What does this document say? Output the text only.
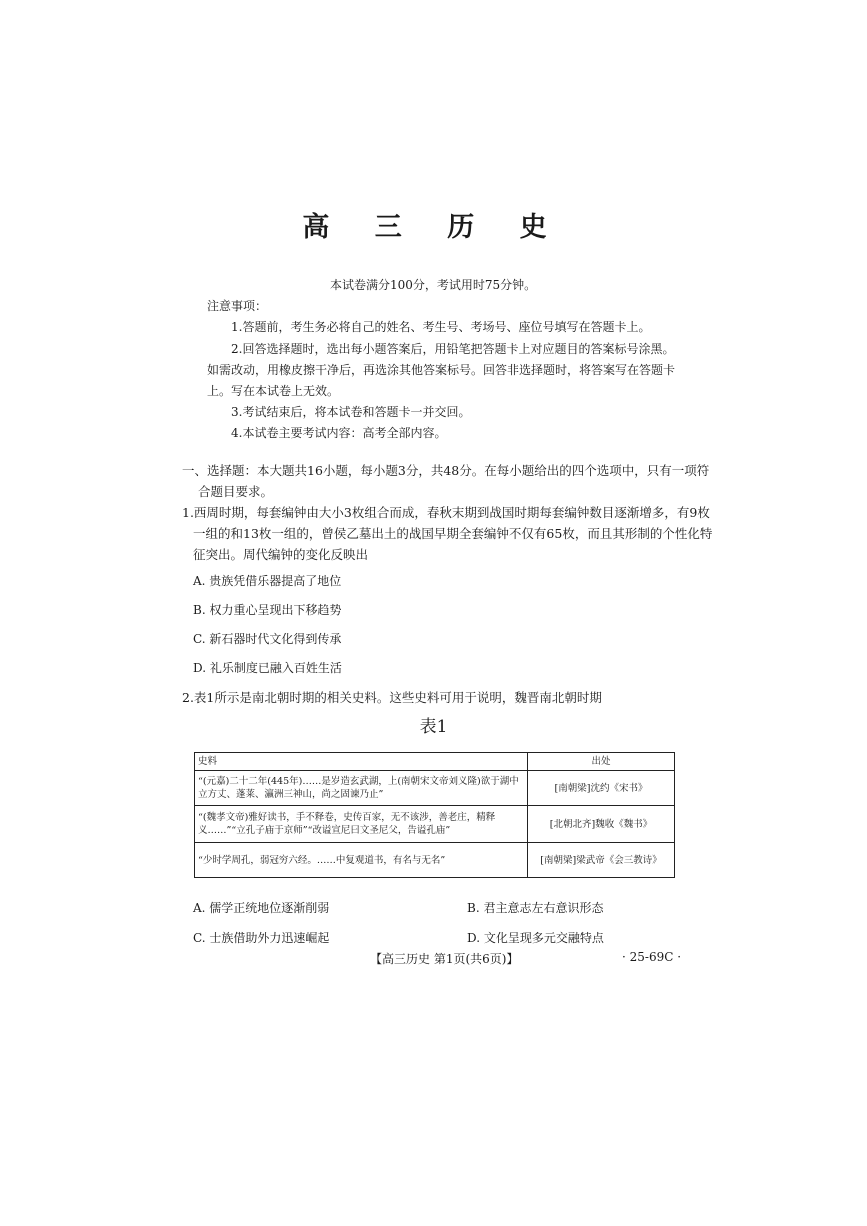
高 三 历 史
本试卷满分100分，考试用时75分钟。
注意事项：
1.答题前，考生务必将自己的姓名、考生号、考场号、座位号填写在答题卡上。
2.回答选择题时，选出每小题答案后，用铅笔把答题卡上对应题目的答案标号涂黑。
如需改动，用橡皮擦干净后，再选涂其他答案标号。回答非选择题时，将答案写在答题卡
上。写在本试卷上无效。
3.考试结束后，将本试卷和答题卡一并交回。
4.本试卷主要考试内容：高考全部内容。
一、选择题：本大题共16小题，每小题3分，共48分。在每小题给出的四个选项中，只有一项符
合题目要求。
1.西周时期，每套编钟由大小3枚组合而成，春秋末期到战国时期每套编钟数目逐渐增多，有9枚
一组的和13枚一组的，曾侯乙墓出土的战国早期全套编钟不仅有65枚，而且其形制的个性化特
征突出。周代编钟的变化反映出
A. 贵族凭借乐器提高了地位
B. 权力重心呈现出下移趋势
C. 新石器时代文化得到传承
D. 礼乐制度已融入百姓生活
2.表1所示是南北朝时期的相关史料。这些史料可用于说明，魏晋南北朝时期
表1
史料	出处
“(元嘉)二十二年(445年)……是岁造玄武湖，上(南朝宋文帝刘义隆)欲于湖中立方丈、蓬莱、瀛洲三神山，尚之固谏乃止”	[南朝梁]沈约《宋书》
“(魏孝文帝)雅好读书，手不释卷，史传百家，无不该涉，善老庄，精释义……”“立孔子庙于京师”“改谥宣尼曰文圣尼父，告谥孔庙”	[北朝北齐]魏收《魏书》
“少时学周孔，弱冠穷六经。……中复观道书，有名与无名”	[南朝梁]梁武帝《会三教诗》
A. 儒学正统地位逐渐削弱	B. 君主意志左右意识形态
C. 士族借助外力迅速崛起	D. 文化呈现多元交融特点
【高三历史 第1页(共6页)】	· 25-69C ·
